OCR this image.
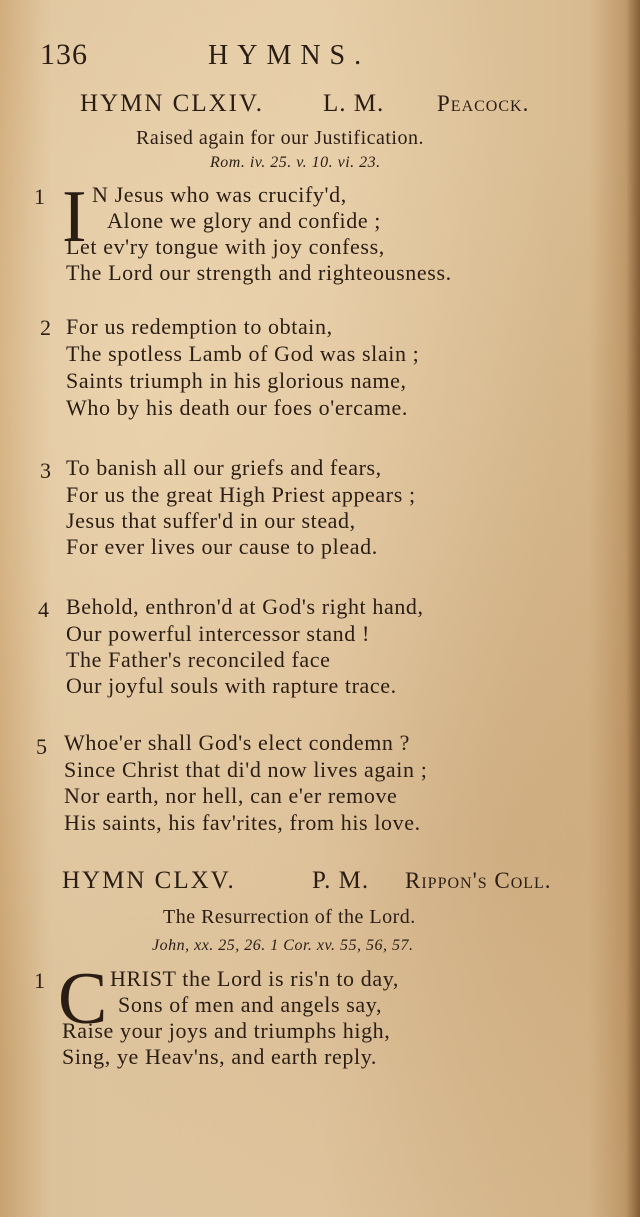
136	HYMNS.
HYMN CLXIV. L. M. Peacock.
Raised again for our Justification.
Rom. iv. 25. v. 10. vi. 23.
1 I N Jesus who was crucify'd,
Alone we glory and confide ;
Let ev'ry tongue with joy confess,
The Lord our strength and righteousness.
2 For us redemption to obtain,
The spotless Lamb of God was slain ;
Saints triumph in his glorious name,
Who by his death our foes o'ercame.
3 To banish all our griefs and fears,
For us the great High Priest appears ;
Jesus that suffer'd in our stead,
For ever lives our cause to plead.
4 Behold, enthron'd at God's right hand,
Our powerful intercessor stand !
The Father's reconciled face
Our joyful souls with rapture trace.
5 Whoe'er shall God's elect condemn ?
Since Christ that di'd now lives again ;
Nor earth, nor hell, can e'er remove
His saints, his fav'rites, from his love.
HYMN CLXV.	P. M. Rippon's Coll.
The Resurrection of the Lord.
John, xx. 25, 26. 1 Cor. xv. 55, 56, 57.
1 C HRIST the Lord is ris'n to day,
Sons of men and angels say,
Raise your joys and triumphs high,
Sing, ye Heav'ns, and earth reply.
